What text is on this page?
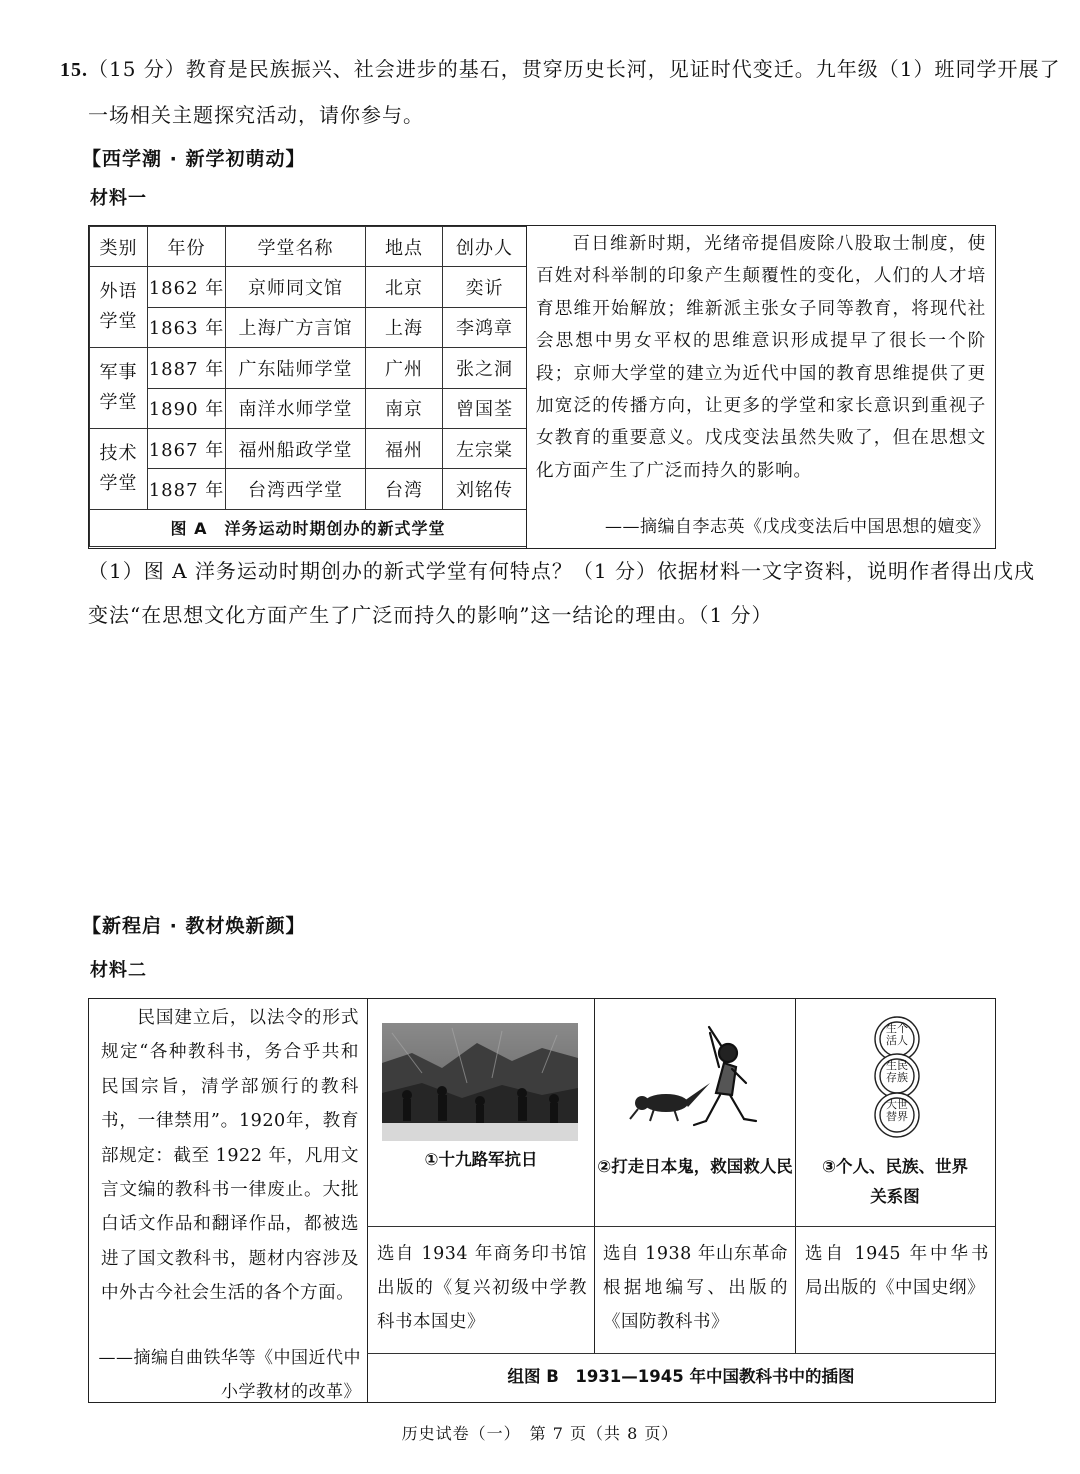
15.（15 分）教育是民族振兴、社会进步的基石，贯穿历史长河，见证时代变迁。九年级（1）班同学开展了
一场相关主题探究活动，请你参与。
【西学潮 · 新学初萌动】
材料一
类别	年份	学堂名称	地点	创办人

外语学堂	1862 年	京师同文馆	北京	奕䜣
	1863 年	上海广方言馆	上海	李鸿章

军事学堂	1887 年	广东陆师学堂	广州	张之洞
	1890 年	南洋水师学堂	南京	曾国荃

技术学堂	1867 年	福州船政学堂	福州	左宗棠
	1887 年	台湾西学堂	台湾	刘铭传
图 A　洋务运动时期创办的新式学堂				
百日维新时期，光绪帝提倡废除八股取士制度，使百姓对科举制的印象产生颠覆性的变化，人们的人才培育思维开始解放；维新派主张女子同等教育，将现代社会思想中男女平权的思维意识形成提早了很长一个阶段；京师大学堂的建立为近代中国的教育思维提供了更加宽泛的传播方向，让更多的学堂和家长意识到重视子女教育的重要意义。戊戌变法虽然失败了，但在思想文化方面产生了广泛而持久的影响。
——摘编自李志英《戊戌变法后中国思想的嬗变》
（1）图 A 洋务运动时期创办的新式学堂有何特点？（1 分）依据材料一文字资料，说明作者得出戊戌
变法“在思想文化方面产生了广泛而持久的影响”这一结论的理由。（1 分）
【新程启 · 教材焕新颜】
材料二
民国建立后，以法令的形式规定“各种教科书，务合乎共和民国宗旨，清学部颁行的教科书，一律禁用”。1920年，教育部规定：截至 1922 年，凡用文言文编的教科书一律废止。大批白话文作品和翻译作品，都被选进了国文教科书，题材内容涉及中外古今社会生活的各个方面。
——摘编自曲铁华等《中国近代中小学教材的改革》
①十九路军抗日	②打走日本鬼，救国救人民
生个活人
生民存族
大世替界
③个人、民族、世界关系图
选自 1934 年商务印书馆出版的《复兴初级中学教科书本国史》
选自 1938 年山东革命根据地编写、出版的《国防教科书》
选自 1945 年中华书局出版的《中国史纲》
组图 B　1931—1945 年中国教科书中的插图
历史试卷（一）　第 7 页（共 8 页）
